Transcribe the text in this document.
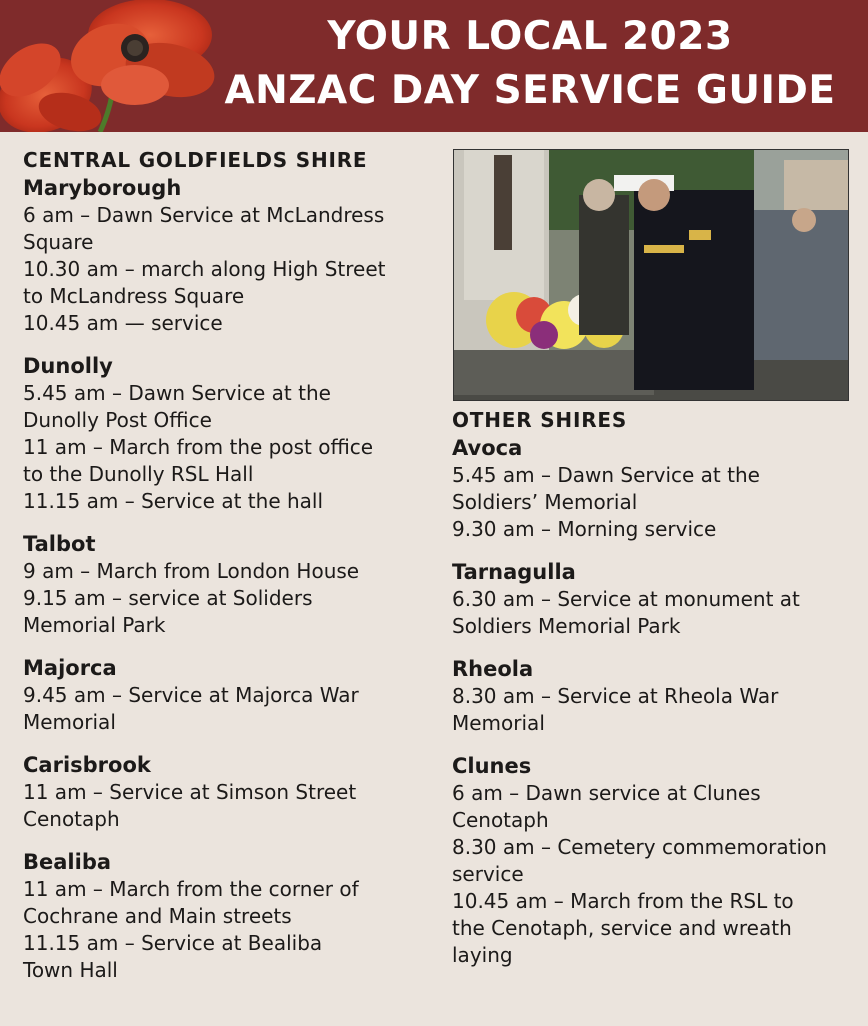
YOUR LOCAL 2023
ANZAC DAY SERVICE GUIDE
CENTRAL GOLDFIELDS SHIRE
Maryborough
6 am – Dawn Service at McLandress
Square
10.30 am – march along High Street
to McLandress Square
10.45 am — service
Dunolly
5.45 am – Dawn Service at the
Dunolly Post Office
11 am – March from the post office
to the Dunolly RSL Hall
11.15 am – Service at the hall
Talbot
9 am – March from London House
9.15 am – service at Soliders
Memorial Park
Majorca
9.45 am – Service at Majorca War
Memorial
Carisbrook
11 am – Service at Simson Street
Cenotaph
Bealiba
11 am – March from the corner of
Cochrane and Main streets
11.15 am – Service at Bealiba
Town Hall
OTHER SHIRES
Avoca
5.45 am – Dawn Service at the
Soldiers’ Memorial
9.30 am – Morning service
Tarnagulla
6.30 am – Service at monument at
Soldiers Memorial Park
Rheola
8.30 am – Service at Rheola War
Memorial
Clunes
6 am – Dawn service at Clunes
Cenotaph
8.30 am – Cemetery commemoration
service
10.45 am – March from the RSL to
the Cenotaph, service and wreath
laying
